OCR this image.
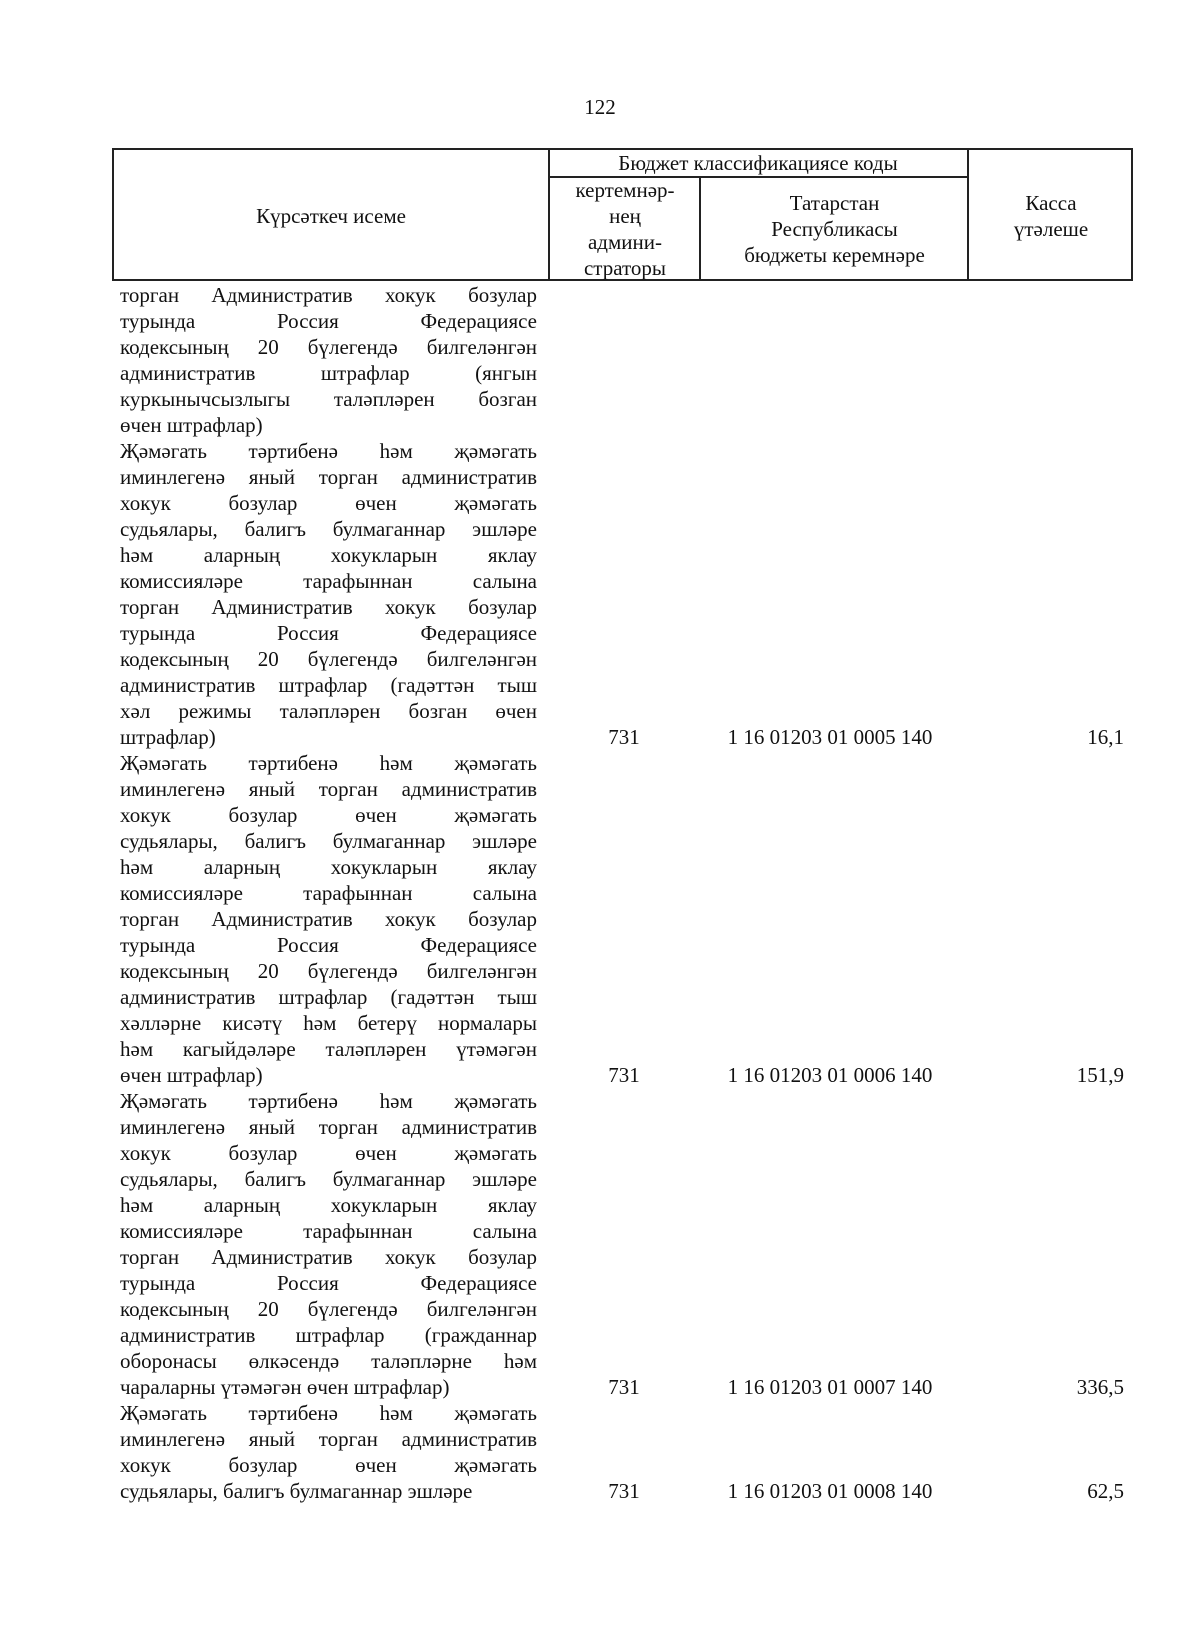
122
Күрсәткеч исеме
Бюджет классификациясе коды
кертемнәр-
нең
админи-
страторы
Татарстан
Республикасы
бюджеты керемнәре
Касса
үтәлеше
торган Административ хокук бозулар
турында Россия Федерациясе
кодексының 20 бүлегендә билгеләнгән
административ штрафлар (янгын
куркынычсызлыгы таләпләрен бозган
өчен штрафлар)
Җәмәгать тәртибенә һәм җәмәгать
иминлегенә яный торган административ
хокук бозулар өчен җәмәгать
судьялары, балигъ булмаганнар эшләре
һәм аларның хокукларын яклау
комиссияләре тарафыннан салына
торган Административ хокук бозулар
турында Россия Федерациясе
кодексының 20 бүлегендә билгеләнгән
административ штрафлар (гадәттән тыш
хәл режимы таләпләрен бозган өчен
штрафлар)	731	1 16 01203 01 0005 140	16,1
Җәмәгать тәртибенә һәм җәмәгать
иминлегенә яный торган административ
хокук бозулар өчен җәмәгать
судьялары, балигъ булмаганнар эшләре
һәм аларның хокукларын яклау
комиссияләре тарафыннан салына
торган Административ хокук бозулар
турында Россия Федерациясе
кодексының 20 бүлегендә билгеләнгән
административ штрафлар (гадәттән тыш
хәлләрне кисәтү һәм бетерү нормалары
һәм кагыйдәләре таләпләрен үтәмәгән
өчен штрафлар)	731	1 16 01203 01 0006 140	151,9
Җәмәгать тәртибенә һәм җәмәгать
иминлегенә яный торган административ
хокук бозулар өчен җәмәгать
судьялары, балигъ булмаганнар эшләре
һәм аларның хокукларын яклау
комиссияләре тарафыннан салына
торган Административ хокук бозулар
турында Россия Федерациясе
кодексының 20 бүлегендә билгеләнгән
административ штрафлар (гражданнар
оборонасы өлкәсендә таләпләрне һәм
чараларны үтәмәгән өчен штрафлар)	731	1 16 01203 01 0007 140	336,5
Җәмәгать тәртибенә һәм җәмәгать
иминлегенә яный торган административ
хокук бозулар өчен җәмәгать
судьялары, балигъ булмаганнар эшләре	731	1 16 01203 01 0008 140	62,5
